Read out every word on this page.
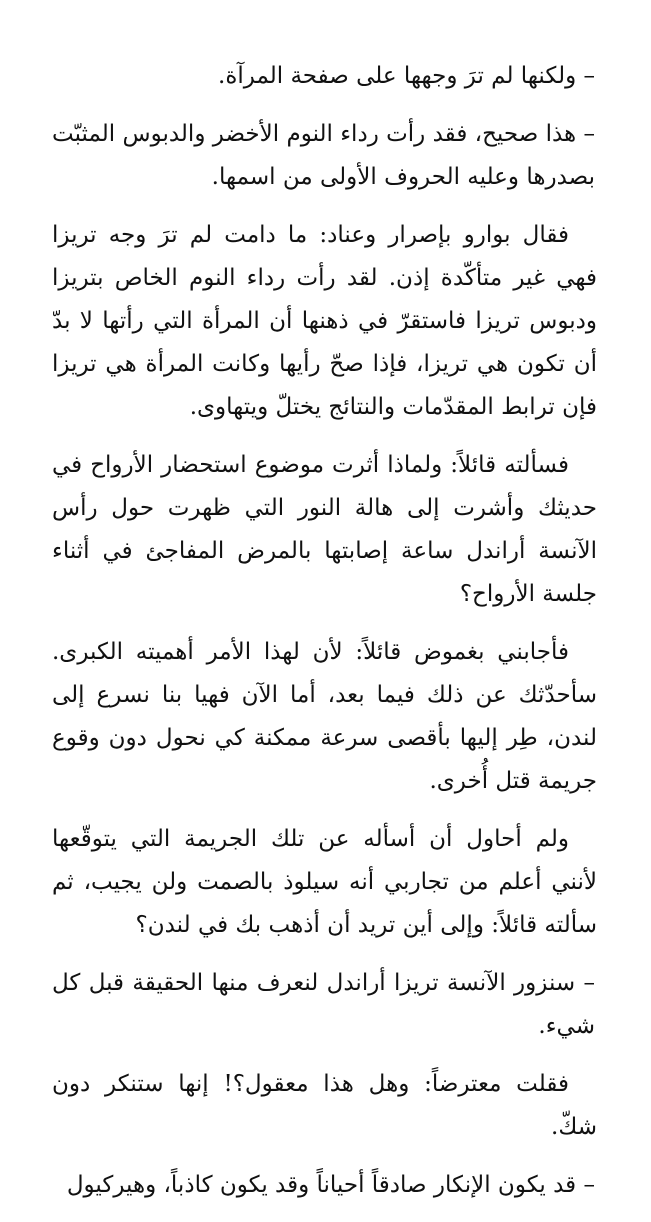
– ولكنها لم ترَ وجهها على صفحة المرآة.

– هذا صحيح، فقد رأت رداء النوم الأخضر والدبوس المثبّت بصدرها وعليه الحروف الأولى من اسمها.

فقال بوارو بإصرار وعناد: ما دامت لم ترَ وجه تريزا فهي غير متأكّدة إذن. لقد رأت رداء النوم الخاص بتريزا ودبوس تريزا فاستقرّ في ذهنها أن المرأة التي رأتها لا بدّ أن تكون هي تريزا، فإذا صحّ رأيها وكانت المرأة هي تريزا فإن ترابط المقدّمات والنتائج يختلّ ويتهاوى.

فسألته قائلاً: ولماذا أثرت موضوع استحضار الأرواح في حديثك وأشرت إلى هالة النور التي ظهرت حول رأس الآنسة أراندل ساعة إصابتها بالمرض المفاجئ في أثناء جلسة الأرواح؟

فأجابني بغموض قائلاً: لأن لهذا الأمر أهميته الكبرى. سأحدّثك عن ذلك فيما بعد، أما الآن فهيا بنا نسرع إلى لندن، طِر إليها بأقصى سرعة ممكنة كي نحول دون وقوع جريمة قتل أُخرى.

ولم أحاول أن أسأله عن تلك الجريمة التي يتوقّعها لأنني أعلم من تجاربي أنه سيلوذ بالصمت ولن يجيب، ثم سألته قائلاً: وإلى أين تريد أن أذهب بك في لندن؟

– سنزور الآنسة تريزا أراندل لنعرف منها الحقيقة قبل كل شيء.

فقلت معترضاً: وهل هذا معقول؟! إنها ستنكر دون شكّ.

– قد يكون الإنكار صادقاً أحياناً وقد يكون كاذباً، وهيركيول
